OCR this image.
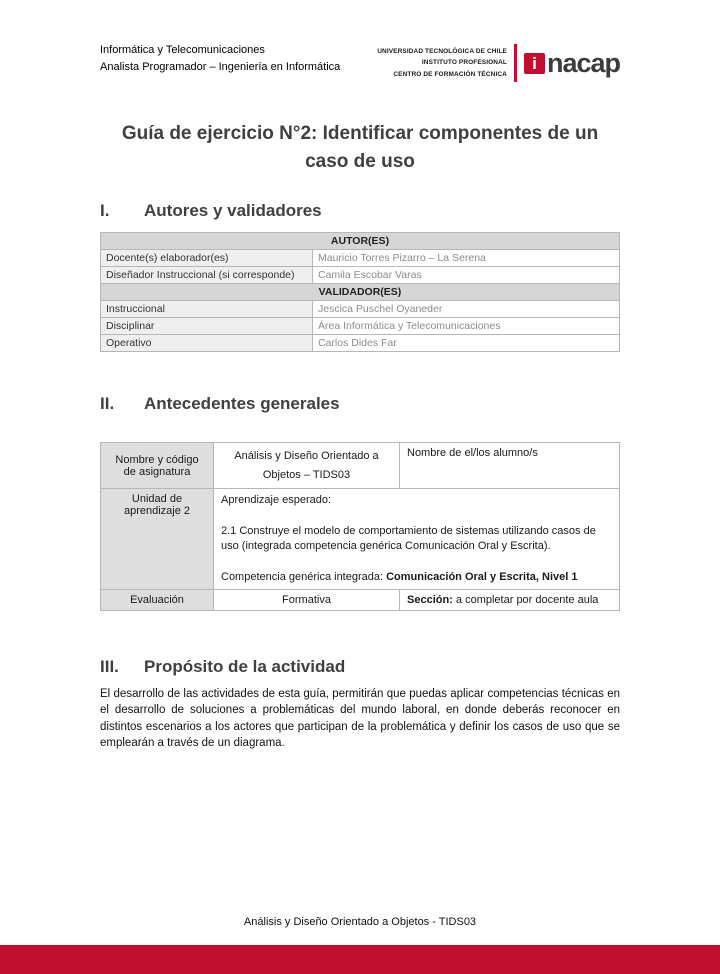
Informática y Telecomunicaciones
Analista Programador – Ingeniería en Informática
UNIVERSIDAD TECNOLÓGICA DE CHILE
INSTITUTO PROFESIONAL
CENTRO DE FORMACIÓN TÉCNICA
i nacap
Guía de ejercicio N°2: Identificar componentes de un caso de uso
I.	Autores y validadores
AUTOR(ES)	
Docente(s) elaborador(es)	Mauricio Torres Pizarro – La Serena
Diseñador Instruccional (si corresponde)	Camila Escobar Varas
VALIDADOR(ES)	
Instruccional	Jescica Puschel Oyaneder
Disciplinar	Área Informática y Telecomunicaciones
Operativo	Carlos Dides Far
II.	Antecedentes generales
Nombre y código de asignatura	Análisis y Diseño Orientado a Objetos – TIDS03	Nombre de el/los alumno/s
Unidad de aprendizaje 2	Aprendizaje esperado:
2.1 Construye el modelo de comportamiento de sistemas utilizando casos de uso (integrada competencia genérica Comunicación Oral y Escrita).
Competencia genérica integrada: Comunicación Oral y Escrita, Nivel 1	

Evaluación	Formativa	Sección: a completar por docente aula
III.	Propósito de la actividad

El desarrollo de las actividades de esta guía, permitirán que puedas aplicar competencias técnicas en el desarrollo de soluciones a problemáticas del mundo laboral, en donde deberás reconocer en distintos escenarios a los actores que participan de la problemática y definir los casos de uso que se emplearán a través de un diagrama.

Análisis y Diseño Orientado a Objetos - TIDS03
